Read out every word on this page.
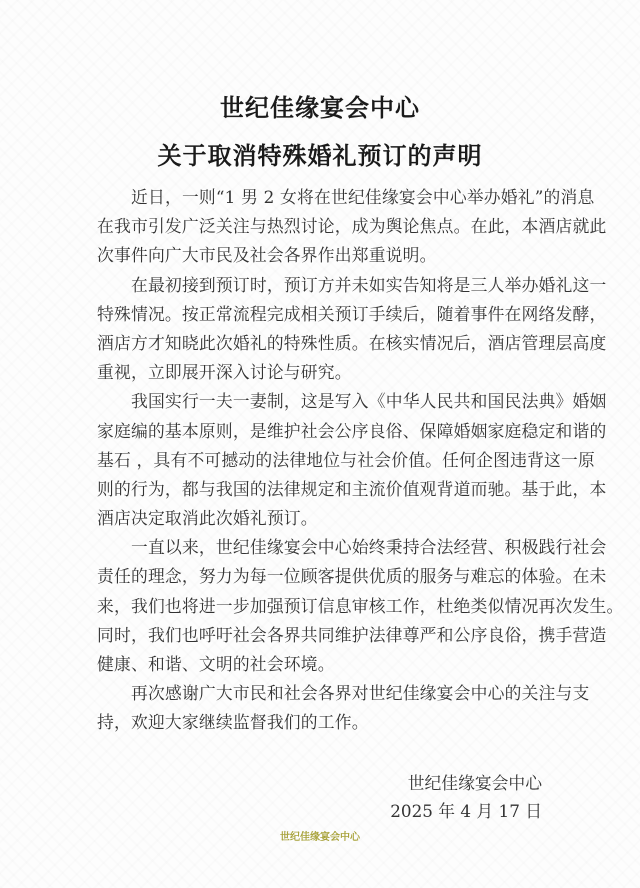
世纪佳缘宴会中心
关于取消特殊婚礼预订的声明
近日，一则“1 男 2 女将在世纪佳缘宴会中心举办婚礼”的消息
在我市引发广泛关注与热烈讨论，成为舆论焦点。在此，本酒店就此
次事件向广大市民及社会各界作出郑重说明。
在最初接到预订时，预订方并未如实告知将是三人举办婚礼这一
特殊情况。按正常流程完成相关预订手续后，随着事件在网络发酵，
酒店方才知晓此次婚礼的特殊性质。在核实情况后，酒店管理层高度
重视，立即展开深入讨论与研究。
我国实行一夫一妻制，这是写入《中华人民共和国民法典》婚姻
家庭编的基本原则，是维护社会公序良俗、保障婚姻家庭稳定和谐的
基石 ，具有不可撼动的法律地位与社会价值。任何企图违背这一原
则的行为，都与我国的法律规定和主流价值观背道而驰。基于此，本
酒店决定取消此次婚礼预订。
一直以来，世纪佳缘宴会中心始终秉持合法经营、积极践行社会
责任的理念，努力为每一位顾客提供优质的服务与难忘的体验。在未
来，我们也将进一步加强预订信息审核工作，杜绝类似情况再次发生。
同时，我们也呼吁社会各界共同维护法律尊严和公序良俗，携手营造
健康、和谐、文明的社会环境。
再次感谢广大市民和社会各界对世纪佳缘宴会中心的关注与支
持，欢迎大家继续监督我们的工作。
世纪佳缘宴会中心
2025 年 4 月 17 日
世纪佳缘宴会中心
